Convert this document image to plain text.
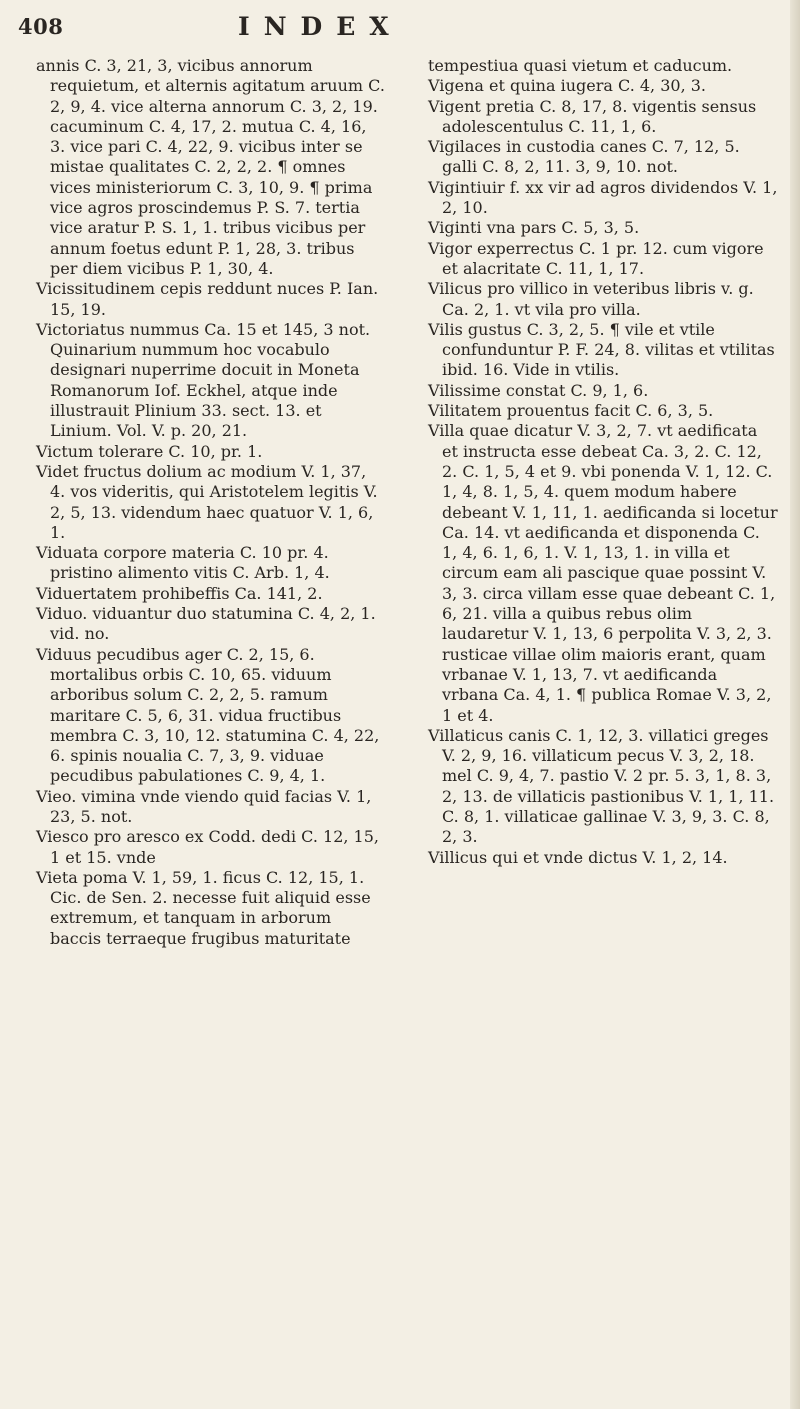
408	INDEX

annis C. 3, 21, 3, vicibus annorum requietum, et alternis agitatum aruum C. 2, 9, 4. vice alterna annorum C. 3, 2, 19. cacuminum C. 4, 17, 2. mutua C. 4, 16, 3. vice pari C. 4, 22, 9. vicibus inter se mistae qualitates C. 2, 2, 2. ¶ omnes vices ministeriorum C. 3, 10, 9. ¶ prima vice agros proscindemus P. S. 7. tertia vice aratur P. S. 1, 1. tribus vicibus per annum foetus edunt P. 1, 28, 3. tribus per diem vicibus P. 1, 30, 4.

Vicissitudinem cepis reddunt nuces P. Ian. 15, 19.

Victoriatus nummus Ca. 15 et 145, 3 not. Quinarium nummum hoc vocabulo designari nuperrime docuit in Moneta Romanorum Iof. Eckhel, atque inde illustrauit Plinium 33. sect. 13. et Linium. Vol. V. p. 20, 21.

Victum tolerare C. 10, pr. 1.

Videt fructus dolium ac modium V. 1, 37, 4. vos videritis, qui Aristotelem legitis V. 2, 5, 13. videndum haec quatuor V. 1, 6, 1.

Viduata corpore materia C. 10 pr. 4. pristino alimento vitis C. Arb. 1, 4.

Viduertatem prohibeffis Ca. 141, 2.

Viduo. viduantur duo statumina C. 4, 2, 1. vid. no.

Viduus pecudibus ager C. 2, 15, 6. mortalibus orbis C. 10, 65. viduum arboribus solum C. 2, 2, 5. ramum maritare C. 5, 6, 31. vidua fructibus membra C. 3, 10, 12. statumina C. 4, 22, 6. spinis noualia C. 7, 3, 9. viduae pecudibus pabulationes C. 9, 4, 1.

Vieo. vimina vnde viendo quid facias V. 1, 23, 5. not.

Viesco pro aresco ex Codd. dedi C. 12, 15, 1 et 15. vnde

Vieta poma V. 1, 59, 1. ficus C. 12, 15, 1. Cic. de Sen. 2. necesse fuit aliquid esse extremum, et tanquam in arborum baccis terraeque frugibus maturitate

tempestiua quasi vietum et caducum.

Vigena et quina iugera C. 4, 30, 3.

Vigent pretia C. 8, 17, 8. vigentis sensus adolescentulus C. 11, 1, 6.

Vigilaces in custodia canes C. 7, 12, 5. galli C. 8, 2, 11. 3, 9, 10. not.

Vigintiuir f. xx vir ad agros dividendos V. 1, 2, 10.

Viginti vna pars C. 5, 3, 5.

Vigor experrectus C. 1 pr. 12. cum vigore et alacritate C. 11, 1, 17.

Vilicus pro villico in veteribus libris v. g. Ca. 2, 1. vt vila pro villa.

Vilis gustus C. 3, 2, 5. ¶ vile et vtile confunduntur P. F. 24, 8. vilitas et vtilitas ibid. 16. Vide in vtilis.

Vilissime constat C. 9, 1, 6.

Vilitatem prouentus facit C. 6, 3, 5.

Villa quae dicatur V. 3, 2, 7. vt aedificata et instructa esse debeat Ca. 3, 2. C. 12, 2. C. 1, 5, 4 et 9. vbi ponenda V. 1, 12. C. 1, 4, 8. 1, 5, 4. quem modum habere debeant V. 1, 11, 1. aedificanda si locetur Ca. 14. vt aedificanda et disponenda C. 1, 4, 6. 1, 6, 1. V. 1, 13, 1. in villa et circum eam ali pascique quae possint V. 3, 3. circa villam esse quae debeant C. 1, 6, 21. villa a quibus rebus olim laudaretur V. 1, 13, 6 perpolita V. 3, 2, 3. rusticae villae olim maioris erant, quam vrbanae V. 1, 13, 7. vt aedificanda vrbana Ca. 4, 1. ¶ publica Romae V. 3, 2, 1 et 4.

Villaticus canis C. 1, 12, 3. villatici greges V. 2, 9, 16. villaticum pecus V. 3, 2, 18. mel C. 9, 4, 7. pastio V. 2 pr. 5. 3, 1, 8. 3, 2, 13. de villaticis pastionibus V. 1, 1, 11. C. 8, 1. villaticae gallinae V. 3, 9, 3. C. 8, 2, 3.

Villicus qui et vnde dictus V. 1, 2, 14.
